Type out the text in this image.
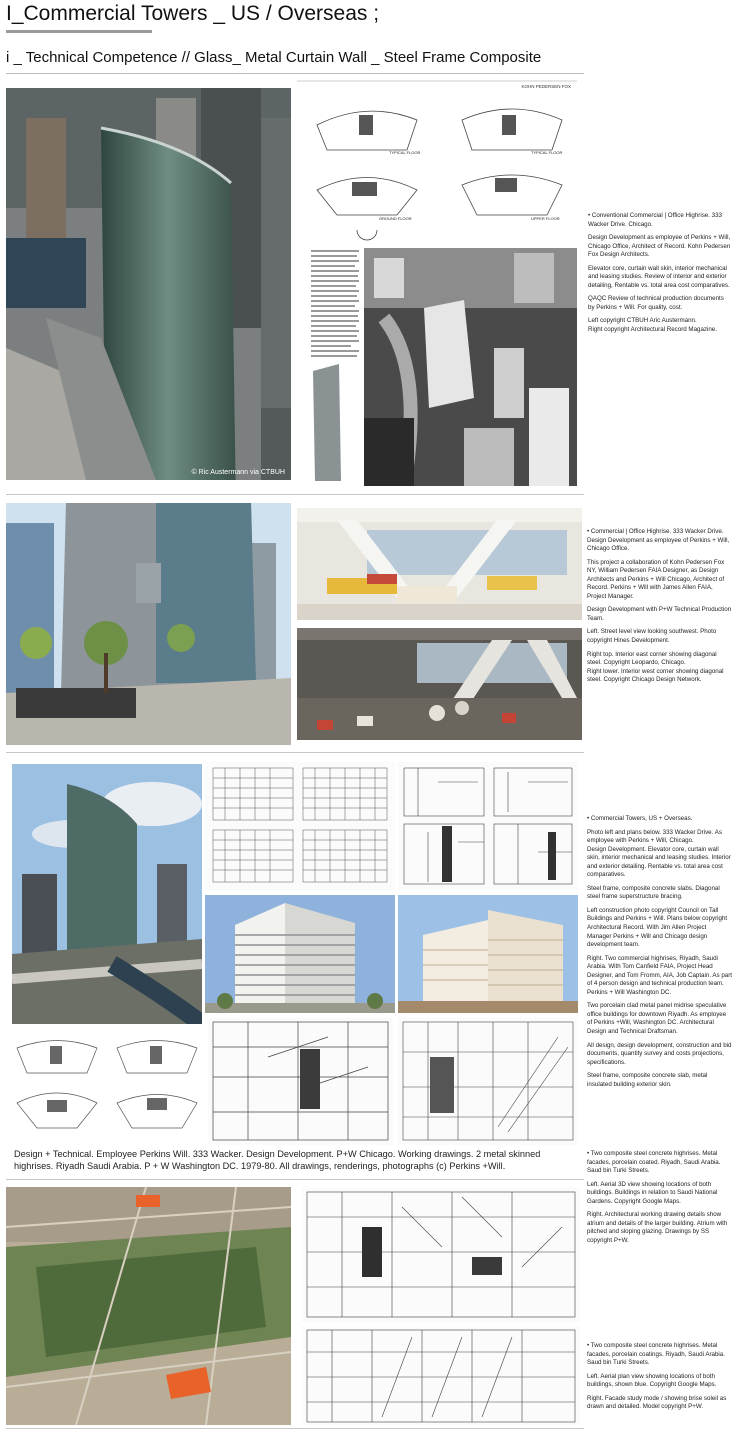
I_Commercial Towers _ US / Overseas ;
i _ Technical Competence // Glass_ Metal Curtain Wall _ Steel Frame Composite
© Ric Austermann via CTBUH
KOHN PEDERSEN FOX
TYPICAL FLOOR	TYPICAL FLOOR
GROUND FLOOR	UPPER FLOOR	• Conventional Commercial | Office Highrise. 333 Wacker Drive. Chicago.

Design Development as employee of Perkins + Will, Chicago Office, Architect of Record. Kohn Pedersen Fox Design Architects.

Elevator core, curtain wall skin, interior mechanical and leasing studies. Review of interior and exterior detailing, Rentable vs. total area cost comparatives.

QAQC Review of technical production documents by Perkins + Will. For quality, cost.

Left copyright CTBUH Aric Austermann.
Right copyright Architectural Record Magazine.

• Commercial | Office Highrise. 333 Wacker Drive. Design Development as employee of Perkins + Will, Chicago Office.

This project a collaboration of Kohn Pedersen Fox NY, William Pedersen FAIA Designer, as Design Architects and Perkins + Will Chicago, Architect of Record. Perkins + Will with James Allen FAIA, Project Manager.

Design Development with P+W Technical Production Team.

Left. Street level view looking southwest. Photo copyright Hines Development.

Right top. Interior east corner showing diagonal steel. Copyright Leopardo, Chicago.
Right lower. Interior west corner showing diagonal steel. Copyright Chicago Design Network.

Design + Technical. Employee Perkins Will. 333 Wacker. Design Development. P+W Chicago. Working drawings. 2 metal skinned highrises. Riyadh Saudi Arabia. P + W Washington DC. 1979-80. All drawings, renderings, photographs (c) Perkins +Will.

• Commercial Towers, US + Overseas.

Photo left and plans below. 333 Wacker Drive. As employee with Perkins + Will, Chicago.
Design Development. Elevator core, curtain wall skin, interior mechanical and leasing studies. Interior and exterior detailing. Rentable vs. total area cost comparatives.

Steel frame, composite concrete slabs. Diagonal steel frame superstructure bracing.

Left construction photo copyright Council on Tall Buildings and Perkins + Will. Plans below copyright Architectural Record. With Jim Allen Project Manager Perkins + Will and Chicago design development team.

Right. Two commercial highrises, Riyadh, Saudi Arabia. With Tom Canfield FAIA, Project Head Designer, and Tom Fromm, AIA, Job Captain. As part of 4 person design and technical production team. Perkins + Will Washington DC.

Two porcelain clad metal panel midrise speculative office buildings for downtown Riyadh. As employee of Perkins +Will, Washington DC. Architectural Design and Technical Draftsman.

All design, design development, construction and bid documents, quantity survey and costs projections, specifications.

Steel frame, composite concrete slab, metal insulated building exterior skin.

• Two composite steel concrete highrises. Metal facades, porcelain coated. Riyadh, Saudi Arabia. Saud bin Turki Streets.

Left. Aerial 3D view showing locations of both buildings. Buildings in relation to Saudi National Gardens. Copyright Google Maps.

Right. Architectural working drawing details show atrium and details of the larger building. Atrium with pitched and sloping glazing. Drawings by SS copyright P+W.

• Two composite steel concrete highrises. Metal facades, porcelain coatings. Riyadh, Saudi Arabia. Saud bin Turki Streets.

Left. Aerial plan view showing locations of both buildings, shown blue. Copyright Google Maps.

Right. Facade study mode / showing brise soleil as drawn and detailed. Model copyright P+W.
